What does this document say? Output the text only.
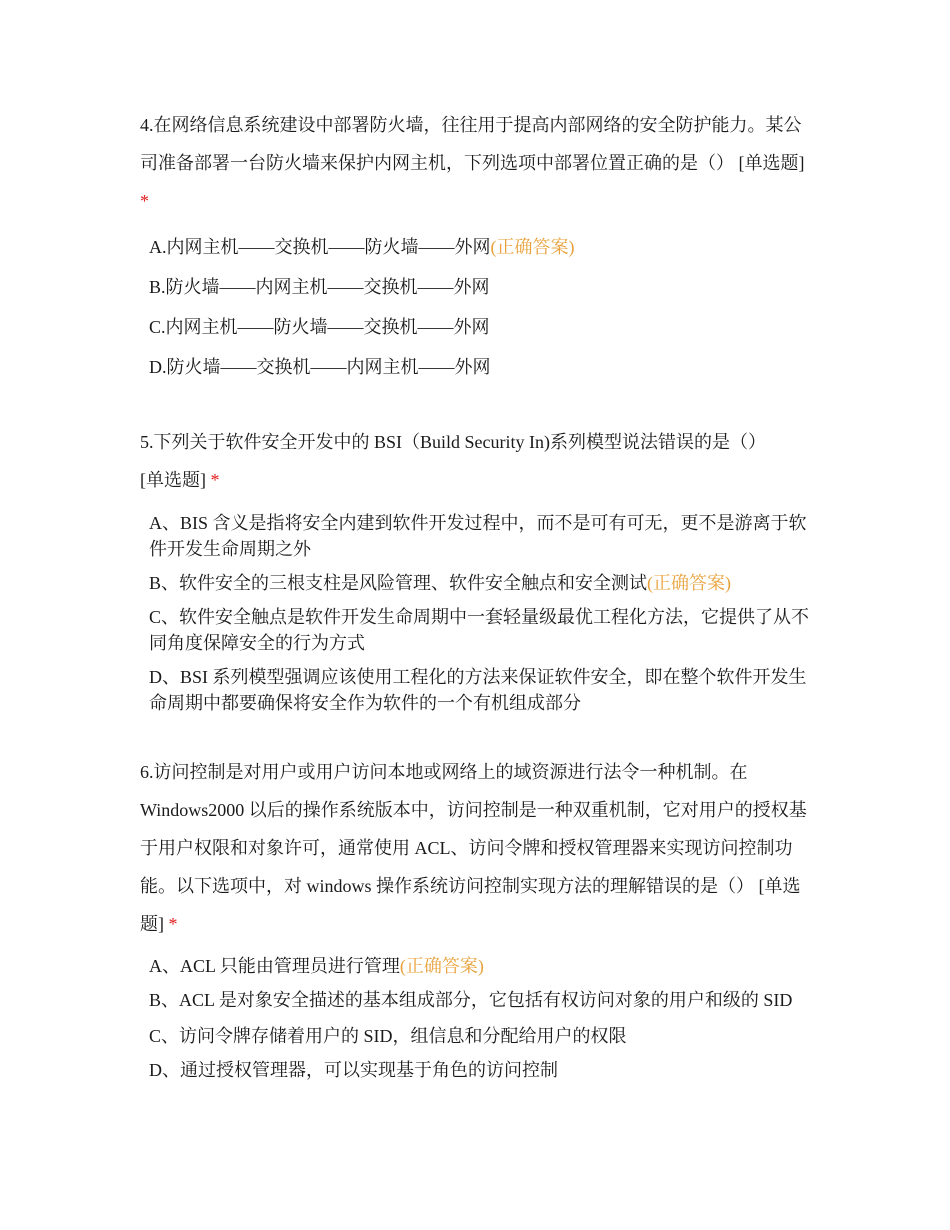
4.在网络信息系统建设中部署防火墙，往往用于提高内部网络的安全防护能力。某公司准备部署一台防火墙来保护内网主机，下列选项中部署位置正确的是（） [单选题] *

A.内网主机——交换机——防火墙——外网(正确答案)

B.防火墙——内网主机——交换机——外网

C.内网主机——防火墙——交换机——外网

D.防火墙——交换机——内网主机——外网

5.下列关于软件安全开发中的 BSI（Build Security In)系列模型说法错误的是（）
[单选题] *

A、BIS 含义是指将安全内建到软件开发过程中，而不是可有可无，更不是游离于软件开发生命周期之外

B、软件安全的三根支柱是风险管理、软件安全触点和安全测试(正确答案)

C、软件安全触点是软件开发生命周期中一套轻量级最优工程化方法，它提供了从不同角度保障安全的行为方式

D、BSI 系列模型强调应该使用工程化的方法来保证软件安全，即在整个软件开发生命周期中都要确保将安全作为软件的一个有机组成部分

6.访问控制是对用户或用户访问本地或网络上的域资源进行法令一种机制。在 Windows2000 以后的操作系统版本中，访问控制是一种双重机制，它对用户的授权基于用户权限和对象许可，通常使用 ACL、访问令牌和授权管理器来实现访问控制功能。以下选项中，对 windows 操作系统访问控制实现方法的理解错误的是（） [单选题] *

A、ACL 只能由管理员进行管理(正确答案)

B、ACL 是对象安全描述的基本组成部分，它包括有权访问对象的用户和级的 SID

C、访问令牌存储着用户的 SID，组信息和分配给用户的权限

D、通过授权管理器，可以实现基于角色的访问控制
